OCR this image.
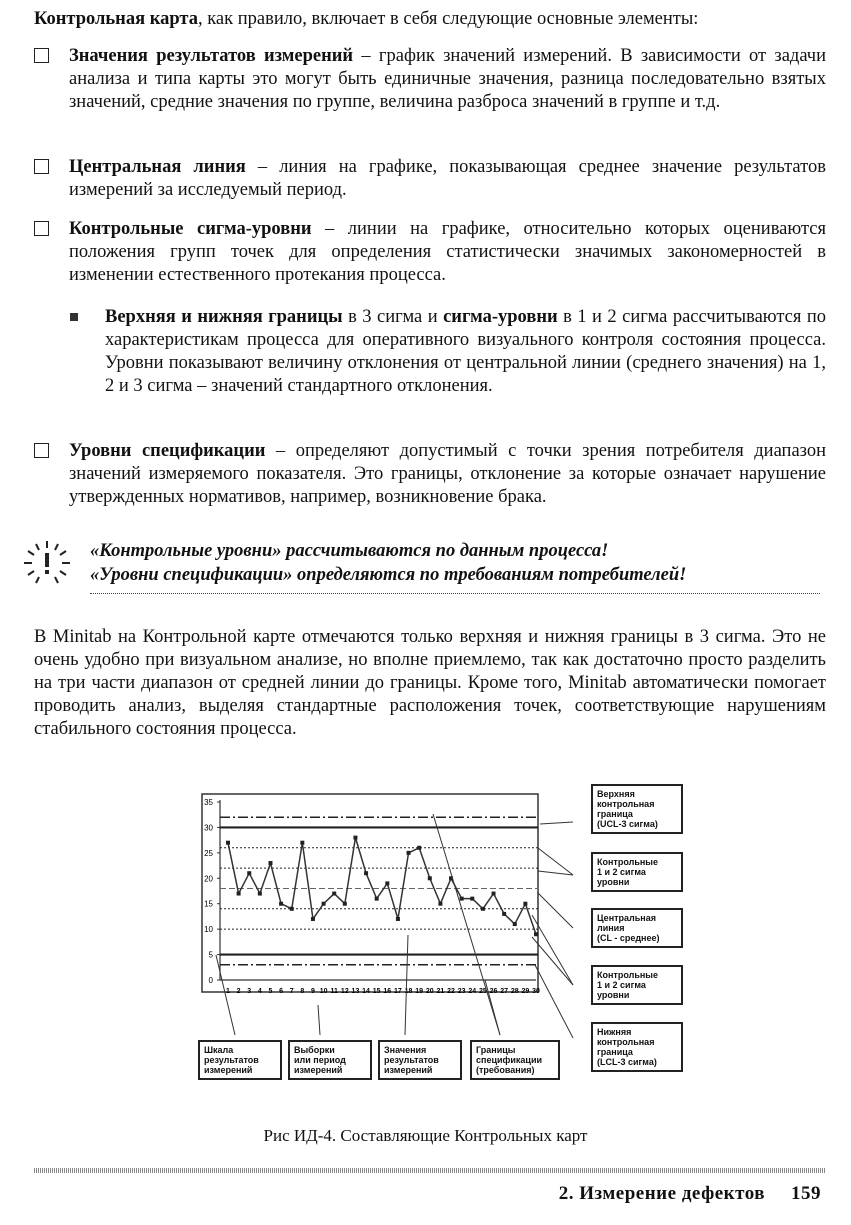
Контрольная карта, как правило, включает в себя следующие основные элементы:

Значения результатов измерений – график значений измерений. В зависимости от задачи анализа и типа карты это могут быть единичные значения, разница последовательно взятых значений, средние значения по группе, величина разброса значений в группе и т.д.
Центральная линия – линия на графике, показывающая среднее значение результатов измерений за исследуемый период.
Контрольные сигма-уровни – линии на графике, относительно которых оцениваются положения групп точек для определения статистически значимых закономерностей в изменении естественного протекания процесса.
Верхняя и нижняя границы в 3 сигма и сигма-уровни в 1 и 2 сигма рассчитываются по характеристикам процесса для оперативного визуального контроля состояния процесса. Уровни показывают величину отклонения от центральной линии (среднего значения) на 1, 2 и 3 сигма – значений стандартного отклонения.
Уровни спецификации – определяют допустимый с точки зрения потребителя диапазон значений измеряемого показателя. Это границы, отклонение за которые означает нарушение утвержденных нормативов, например, возникновение брака.
«Контрольные уровни» рассчитываются по данным процесса!
«Уровни спецификации» определяются по требованиям потребителей!

В Minitab на Контрольной карте отмечаются только верхняя и нижняя границы в 3 сигма. Это не очень удобно при визуальном анализе, но вполне приемлемо, так как достаточно просто разделить на три части диапазон от средней линии до границы. Кроме того, Minitab автоматически помогает проводить анализ, выделяя стандартные расположения точек, соответствующие нарушениям стабильного состояния процесса.

0
5
10
15
20
25
30
35
1 2 3 4 5 6 7 8 9 10 11 12 13 14 15 16 17 18 19 20 21 22 23 24 25 26 27 28 29 30
Верхняя
контрольная
граница
(UCL-3 сигма)
Контрольные
1 и 2 сигма
уровни
Центральная
линия
(CL - среднее)
Контрольные
1 и 2 сигма
уровни
Нижняя
контрольная
граница
(LCL-3 сигма)
Шкала
результатов
измерений
Выборки
или период
измерений
Значения
результатов
измерений
Границы
спецификации
(требования)
Рис ИД-4. Составляющие Контрольных карт
2. Измерение дефектов 159
